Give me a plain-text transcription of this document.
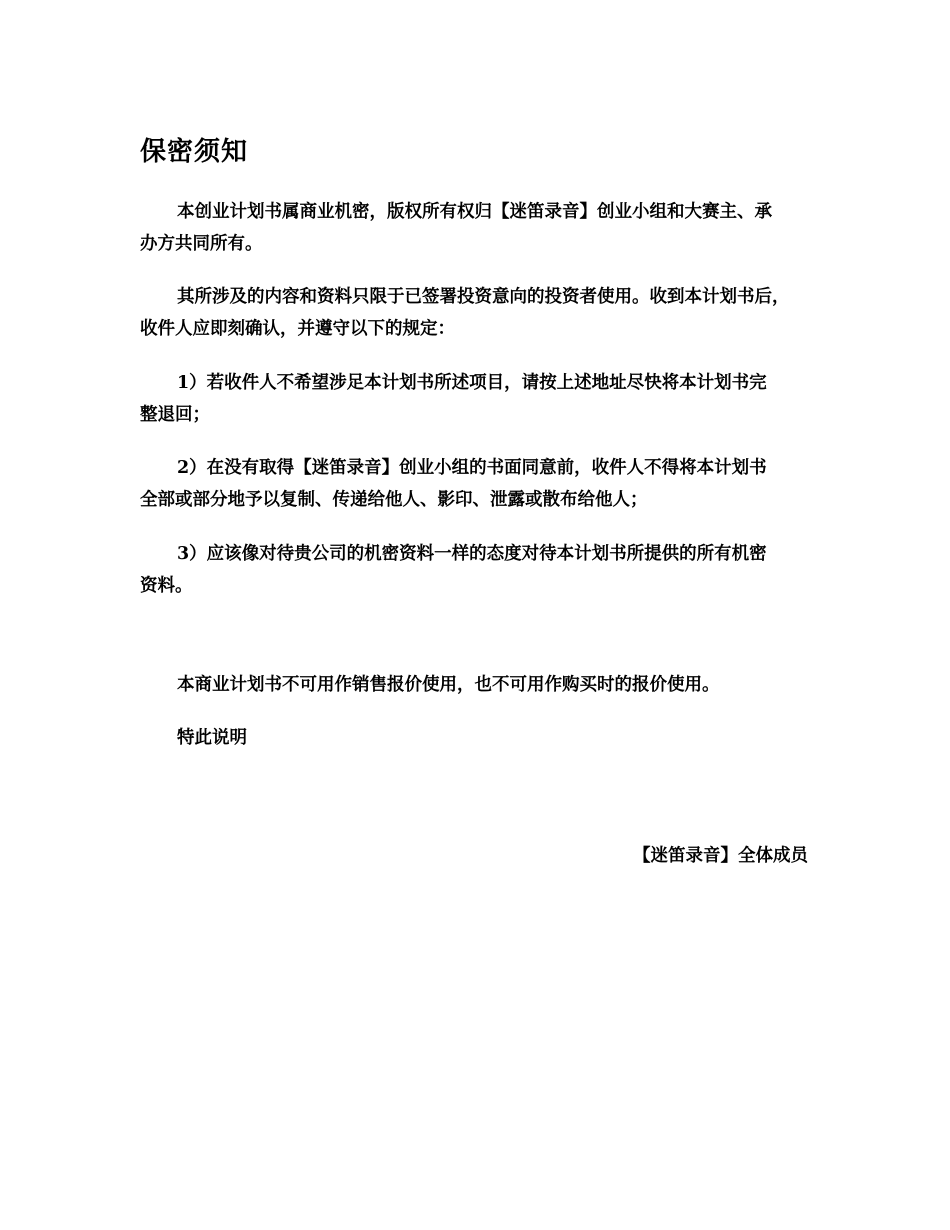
保密须知

本创业计划书属商业机密，版权所有权归【迷笛录音】创业小组和大赛主、承
办方共同所有。

其所涉及的内容和资料只限于已签署投资意向的投资者使用。收到本计划书后，
收件人应即刻确认，并遵守以下的规定：

1）若收件人不希望涉足本计划书所述项目，请按上述地址尽快将本计划书完
整退回；

2）在没有取得【迷笛录音】创业小组的书面同意前，收件人不得将本计划书
全部或部分地予以复制、传递给他人、影印、泄露或散布给他人；

3）应该像对待贵公司的机密资料一样的态度对待本计划书所提供的所有机密
资料。

本商业计划书不可用作销售报价使用，也不可用作购买时的报价使用。

特此说明

【迷笛录音】全体成员
